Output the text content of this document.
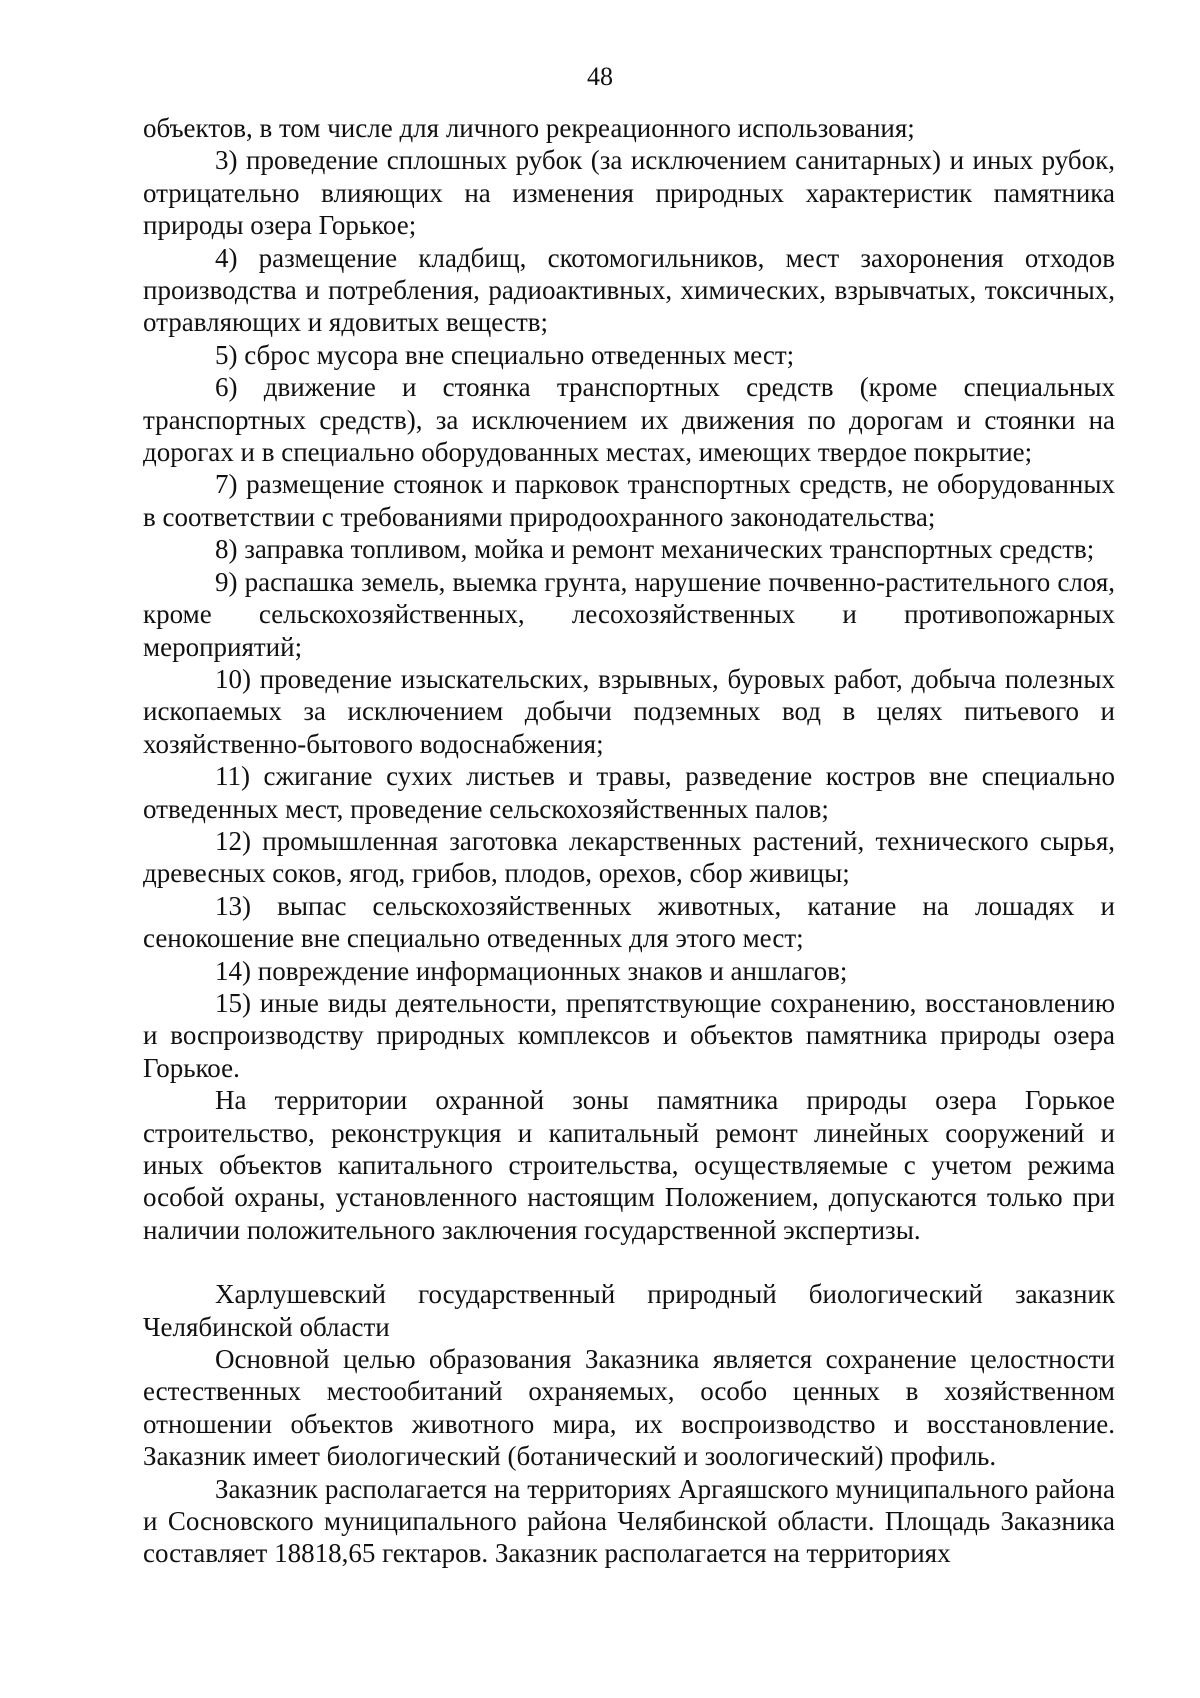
48

объектов, в том числе для личного рекреационного использования;

3) проведение сплошных рубок (за исключением санитарных) и иных рубок, отрицательно влияющих на изменения природных характеристик памятника природы озера Горькое;

4) размещение кладбищ, скотомогильников, мест захоронения отходов производства и потребления, радиоактивных, химических, взрывчатых, токсичных, отравляющих и ядовитых веществ;

5) сброс мусора вне специально отведенных мест;

6) движение и стоянка транспортных средств (кроме специальных транспортных средств), за исключением их движения по дорогам и стоянки на дорогах и в специально оборудованных местах, имеющих твердое покрытие;

7) размещение стоянок и парковок транспортных средств, не оборудованных в соответствии с требованиями природоохранного законодательства;

8) заправка топливом, мойка и ремонт механических транспортных средств;

9) распашка земель, выемка грунта, нарушение почвенно-растительного слоя, кроме сельскохозяйственных, лесохозяйственных и противопожарных мероприятий;

10) проведение изыскательских, взрывных, буровых работ, добыча полезных ископаемых за исключением добычи подземных вод в целях питьевого и хозяйственно-бытового водоснабжения;

11) сжигание сухих листьев и травы, разведение костров вне специально отведенных мест, проведение сельскохозяйственных палов;

12) промышленная заготовка лекарственных растений, технического сырья, древесных соков, ягод, грибов, плодов, орехов, сбор живицы;

13) выпас сельскохозяйственных животных, катание на лошадях и сенокошение вне специально отведенных для этого мест;

14) повреждение информационных знаков и аншлагов;

15) иные виды деятельности, препятствующие сохранению, восстановлению и воспроизводству природных комплексов и объектов памятника природы озера Горькое.

На территории охранной зоны памятника природы озера Горькое строительство, реконструкция и капитальный ремонт линейных сооружений и иных объектов капитального строительства, осуществляемые с учетом режима особой охраны, установленного настоящим Положением, допускаются только при наличии положительного заключения государственной экспертизы.

Харлушевский государственный природный биологический заказник Челябинской области

Основной целью образования Заказника является сохранение целостности естественных местообитаний охраняемых, особо ценных в хозяйственном отношении объектов животного мира, их воспроизводство и восстановление. Заказник имеет биологический (ботанический и зоологический) профиль.

Заказник располагается на территориях Аргаяшского муниципального района и Сосновского муниципального района Челябинской области. Площадь Заказника составляет 18818,65 гектаров. Заказник располагается на территориях
